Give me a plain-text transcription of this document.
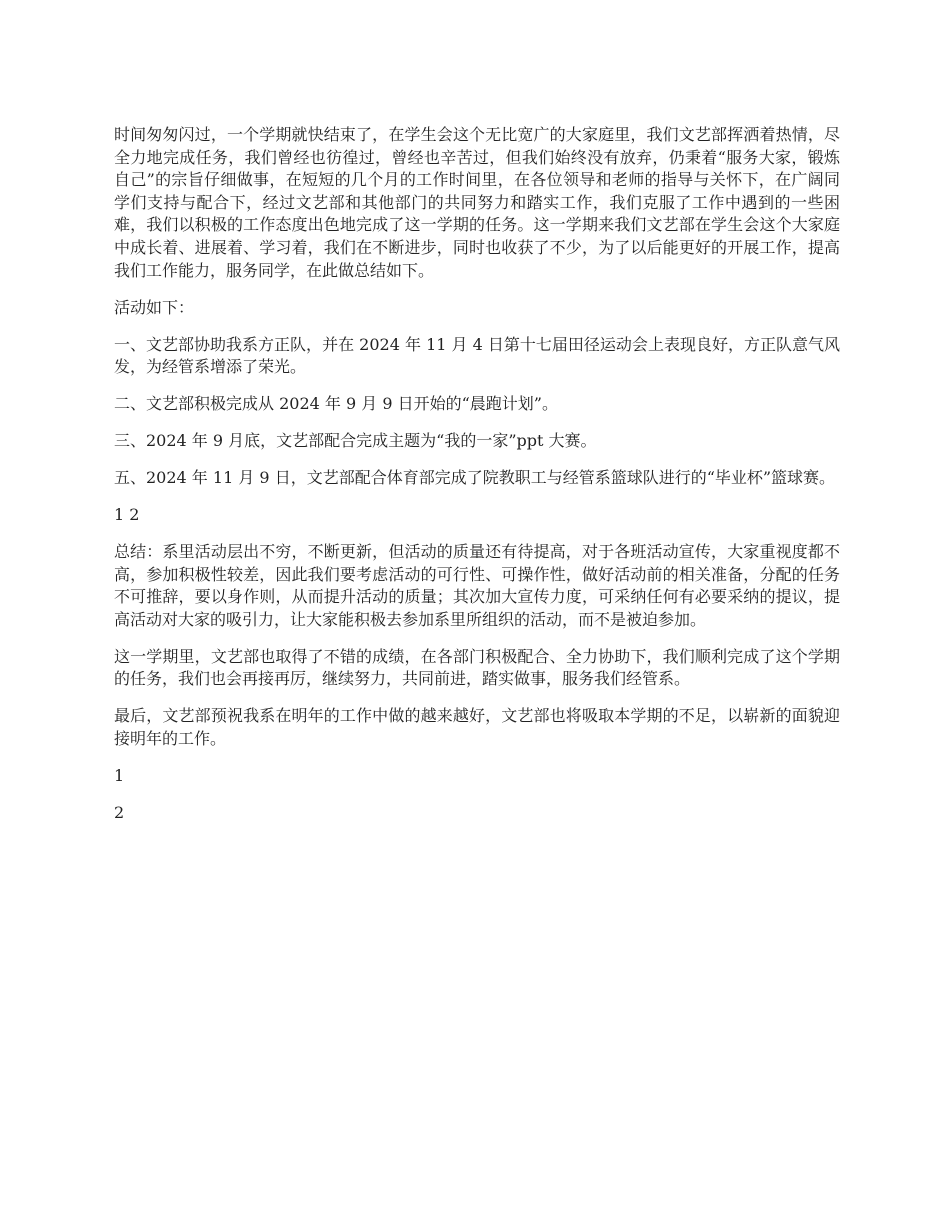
时间匆匆闪过，一个学期就快结束了，在学生会这个无比宽广的大家庭里，我们文艺部挥洒着热情，尽全力地完成任务，我们曾经也彷徨过，曾经也辛苦过，但我们始终没有放弃，仍秉着“服务大家，锻炼自己”的宗旨仔细做事，在短短的几个月的工作时间里，在各位领导和老师的指导与关怀下，在广阔同学们支持与配合下，经过文艺部和其他部门的共同努力和踏实工作，我们克服了工作中遇到的一些困难，我们以积极的工作态度出色地完成了这一学期的任务。这一学期来我们文艺部在学生会这个大家庭中成长着、进展着、学习着，我们在不断进步，同时也收获了不少，为了以后能更好的开展工作，提高我们工作能力，服务同学，在此做总结如下。

活动如下：

一、文艺部协助我系方正队，并在 2024 年 11 月 4 日第十七届田径运动会上表现良好，方正队意气风发，为经管系增添了荣光。

二、文艺部积极完成从 2024 年 9 月 9 日开始的“晨跑计划”。

三、2024 年 9 月底，文艺部配合完成主题为“我的一家”ppt 大赛。

五、2024 年 11 月 9 日，文艺部配合体育部完成了院教职工与经管系篮球队进行的“毕业杯”篮球赛。

1 2

总结：系里活动层出不穷，不断更新，但活动的质量还有待提高，对于各班活动宣传，大家重视度都不高，参加积极性较差，因此我们要考虑活动的可行性、可操作性，做好活动前的相关准备，分配的任务不可推辞，要以身作则，从而提升活动的质量；其次加大宣传力度，可采纳任何有必要采纳的提议，提高活动对大家的吸引力，让大家能积极去参加系里所组织的活动，而不是被迫参加。

这一学期里，文艺部也取得了不错的成绩，在各部门积极配合、全力协助下，我们顺利完成了这个学期的任务，我们也会再接再厉，继续努力，共同前进，踏实做事，服务我们经管系。

最后，文艺部预祝我系在明年的工作中做的越来越好，文艺部也将吸取本学期的不足，以崭新的面貌迎接明年的工作。

1

2
